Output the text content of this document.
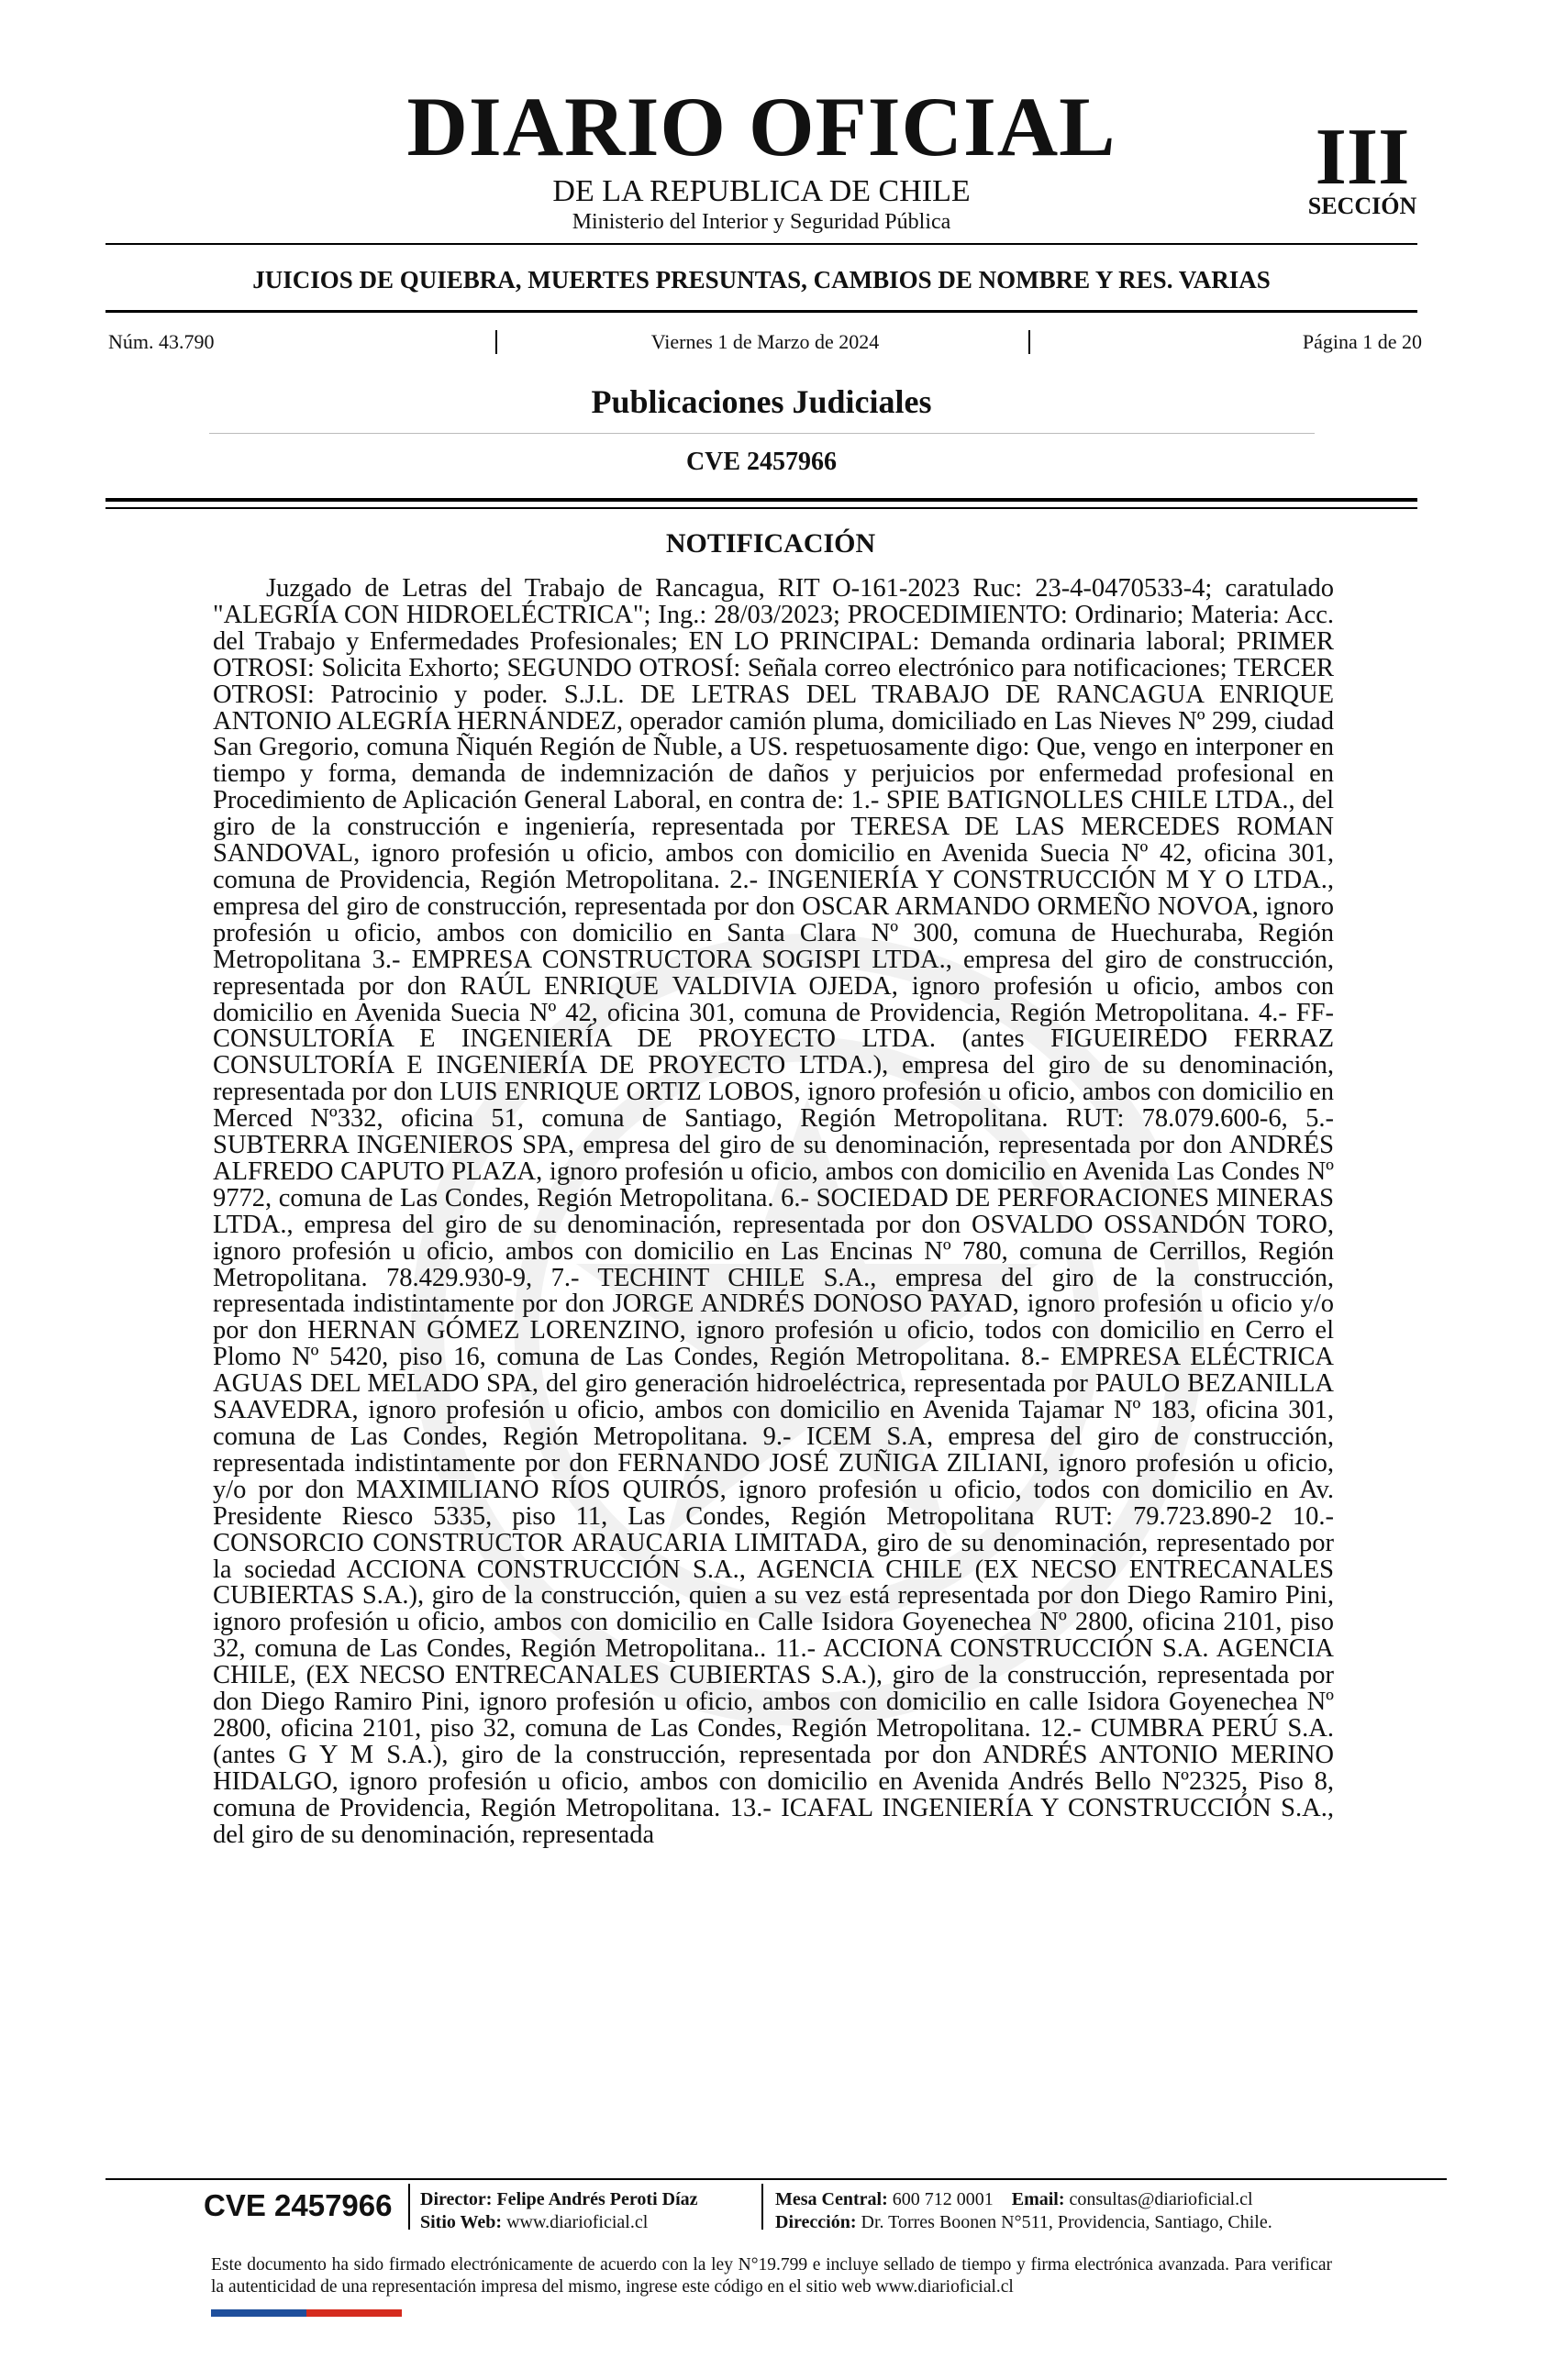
DIARIO OFICIAL
DE LA REPUBLICA DE CHILE
Ministerio del Interior y Seguridad Pública
III
SECCIÓN
JUICIOS DE QUIEBRA, MUERTES PRESUNTAS, CAMBIOS DE NOMBRE Y RES. VARIAS
Núm. 43.790	Viernes 1 de Marzo de 2024	Página 1 de 20
Publicaciones Judiciales
CVE 2457966
NOTIFICACIÓN
Juzgado de Letras del Trabajo de Rancagua, RIT O-161-2023 Ruc: 23-4-0470533-4; caratulado "ALEGRÍA CON HIDROELÉCTRICA"; Ing.: 28/03/2023; PROCEDIMIENTO: Ordinario; Materia: Acc. del Trabajo y Enfermedades Profesionales; EN LO PRINCIPAL: Demanda ordinaria laboral; PRIMER OTROSI: Solicita Exhorto; SEGUNDO OTROSÍ: Señala correo electrónico para notificaciones; TERCER OTROSI: Patrocinio y poder. S.J.L. DE LETRAS DEL TRABAJO DE RANCAGUA ENRIQUE ANTONIO ALEGRÍA HERNÁNDEZ, operador camión pluma, domiciliado en Las Nieves Nº 299, ciudad San Gregorio, comuna Ñiquén Región de Ñuble, a US. respetuosamente digo: Que, vengo en interponer en tiempo y forma, demanda de indemnización de daños y perjuicios por enfermedad profesional en Procedimiento de Aplicación General Laboral, en contra de: 1.- SPIE BATIGNOLLES CHILE LTDA., del giro de la construcción e ingeniería, representada por TERESA DE LAS MERCEDES ROMAN SANDOVAL, ignoro profesión u oficio, ambos con domicilio en Avenida Suecia Nº 42, oficina 301, comuna de Providencia, Región Metropolitana. 2.- INGENIERÍA Y CONSTRUCCIÓN M Y O LTDA., empresa del giro de construcción, representada por don OSCAR ARMANDO ORMEÑO NOVOA, ignoro profesión u oficio, ambos con domicilio en Santa Clara Nº 300, comuna de Huechuraba, Región Metropolitana 3.- EMPRESA CONSTRUCTORA SOGISPI LTDA., empresa del giro de construcción, representada por don RAÚL ENRIQUE VALDIVIA OJEDA, ignoro profesión u oficio, ambos con domicilio en Avenida Suecia Nº 42, oficina 301, comuna de Providencia, Región Metropolitana. 4.- FF- CONSULTORÍA E INGENIERÍA DE PROYECTO LTDA. (antes FIGUEIREDO FERRAZ CONSULTORÍA E INGENIERÍA DE PROYECTO LTDA.), empresa del giro de su denominación, representada por don LUIS ENRIQUE ORTIZ LOBOS, ignoro profesión u oficio, ambos con domicilio en Merced Nº332, oficina 51, comuna de Santiago, Región Metropolitana. RUT: 78.079.600-6, 5.- SUBTERRA INGENIEROS SPA, empresa del giro de su denominación, representada por don ANDRÉS ALFREDO CAPUTO PLAZA, ignoro profesión u oficio, ambos con domicilio en Avenida Las Condes Nº 9772, comuna de Las Condes, Región Metropolitana. 6.- SOCIEDAD DE PERFORACIONES MINERAS LTDA., empresa del giro de su denominación, representada por don OSVALDO OSSANDÓN TORO, ignoro profesión u oficio, ambos con domicilio en Las Encinas Nº 780, comuna de Cerrillos, Región Metropolitana. 78.429.930-9, 7.- TECHINT CHILE S.A., empresa del giro de la construcción, representada indistintamente por don JORGE ANDRÉS DONOSO PAYAD, ignoro profesión u oficio y/o por don HERNAN GÓMEZ LORENZINO, ignoro profesión u oficio, todos con domicilio en Cerro el Plomo Nº 5420, piso 16, comuna de Las Condes, Región Metropolitana. 8.- EMPRESA ELÉCTRICA AGUAS DEL MELADO SPA, del giro generación hidroeléctrica, representada por PAULO BEZANILLA SAAVEDRA, ignoro profesión u oficio, ambos con domicilio en Avenida Tajamar Nº 183, oficina 301, comuna de Las Condes, Región Metropolitana. 9.- ICEM S.A, empresa del giro de construcción, representada indistintamente por don FERNANDO JOSÉ ZUÑIGA ZILIANI, ignoro profesión u oficio, y/o por don MAXIMILIANO RÍOS QUIRÓS, ignoro profesión u oficio, todos con domicilio en Av. Presidente Riesco 5335, piso 11, Las Condes, Región Metropolitana RUT: 79.723.890-2 10.- CONSORCIO CONSTRUCTOR ARAUCARIA LIMITADA, giro de su denominación, representado por la sociedad ACCIONA CONSTRUCCIÓN S.A., AGENCIA CHILE (EX NECSO ENTRECANALES CUBIERTAS S.A.), giro de la construcción, quien a su vez está representada por don Diego Ramiro Pini, ignoro profesión u oficio, ambos con domicilio en Calle Isidora Goyenechea Nº 2800, oficina 2101, piso 32, comuna de Las Condes, Región Metropolitana.. 11.- ACCIONA CONSTRUCCIÓN S.A. AGENCIA CHILE, (EX NECSO ENTRECANALES CUBIERTAS S.A.), giro de la construcción, representada por don Diego Ramiro Pini, ignoro profesión u oficio, ambos con domicilio en calle Isidora Goyenechea Nº 2800, oficina 2101, piso 32, comuna de Las Condes, Región Metropolitana. 12.- CUMBRA PERÚ S.A. (antes G Y M S.A.), giro de la construcción, representada por don ANDRÉS ANTONIO MERINO HIDALGO, ignoro profesión u oficio, ambos con domicilio en Avenida Andrés Bello Nº2325, Piso 8, comuna de Providencia, Región Metropolitana. 13.- ICAFAL INGENIERÍA Y CONSTRUCCIÓN S.A., del giro de su denominación, representada
CVE 2457966 Director: Felipe Andrés Peroti Díaz
Sitio Web: www.diarioficial.cl
Mesa Central: 600 712 0001 Email: consultas@diarioficial.cl
Dirección: Dr. Torres Boonen N°511, Providencia, Santiago, Chile.
Este documento ha sido firmado electrónicamente de acuerdo con la ley N°19.799 e incluye sellado de tiempo y firma electrónica avanzada. Para verificar la autenticidad de una representación impresa del mismo, ingrese este código en el sitio web www.diarioficial.cl
